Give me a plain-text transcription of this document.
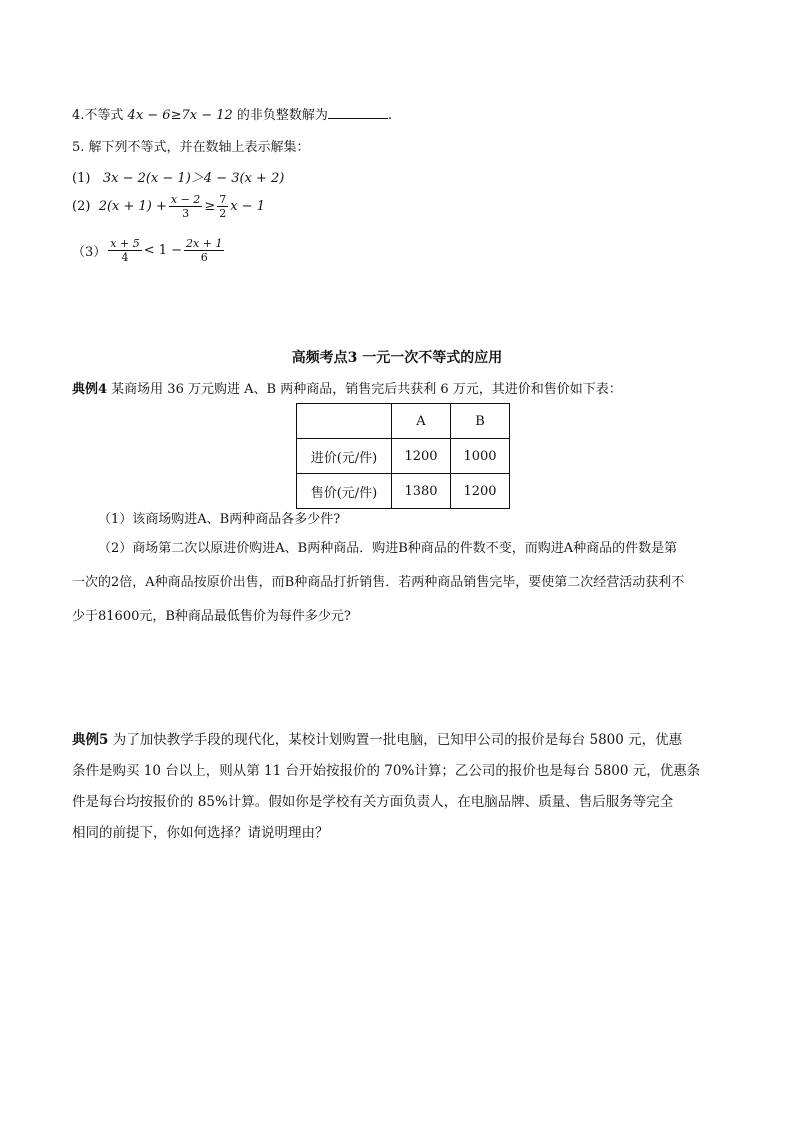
4.不等式 4x − 6≥7x − 12 的非负整数解为	.
5. 解下列不等式，并在数轴上表示解集：
(1) 3x − 2(x − 1)＞4 − 3(x + 2)
(2)
$2(x + 1) + \frac{x - 2}{3} \ge \frac{7}{2}$ x − 1
$(3) \frac{x + 5}{4} < 1 - \frac{2x + 1}{6}$
高频考点3 一元一次不等式的应用
典例4 某商场用 36 万元购进 A、B 两种商品，销售完后共获利 6 万元，其进价和售价如下表：
	A	B
进价(元/件)	1200	1000
售价(元/件)	1380	1200
（1）该商场购进A、B两种商品各多少件?
（2）商场第二次以原进价购进A、B两种商品．购进B种商品的件数不变，而购进A种商品的件数是第
一次的2倍，A种商品按原价出售，而B种商品打折销售．若两种商品销售完毕，要使第二次经营活动获利不
少于81600元，B种商品最低售价为每件多少元?
典例5 为了加快教学手段的现代化，某校计划购置一批电脑，已知甲公司的报价是每台 5800 元，优惠
条件是购买 10 台以上，则从第 11 台开始按报价的 70%计算；乙公司的报价也是每台 5800 元，优惠条
件是每台均按报价的 85%计算。假如你是学校有关方面负责人，在电脑品牌、质量、售后服务等完全
相同的前提下，你如何选择？请说明理由？
